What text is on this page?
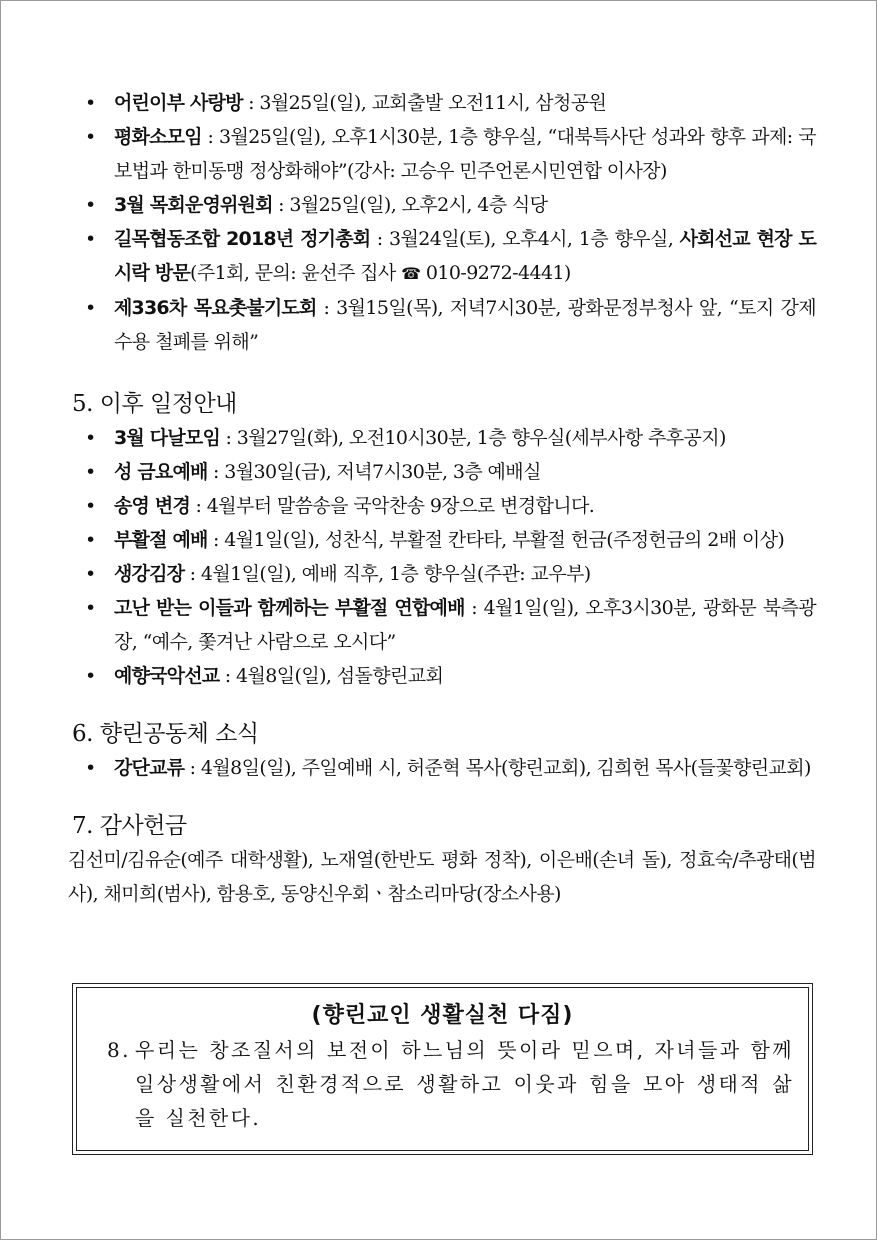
• 어린이부 사랑방 : 3월25일(일), 교회출발 오전11시, 삼청공원
• 평화소모임 : 3월25일(일), 오후1시30분, 1층 향우실, “대북특사단 성과와 향후 과제: 국보법과 한미동맹 정상화해야”(강사: 고승우 민주언론시민연합 이사장)
• 3월 목회운영위원회 : 3월25일(일), 오후2시, 4층 식당
• 길목협동조합 2018년 정기총회 : 3월24일(토), 오후4시, 1층 향우실, 사회선교 현장 도시락 방문(주1회, 문의: 윤선주 집사 ☎ 010-9272-4441)
• 제336차 목요촛불기도회 : 3월15일(목), 저녁7시30분, 광화문정부청사 앞, “토지 강제수용 철폐를 위해”
5. 이후 일정안내
• 3월 다날모임 : 3월27일(화), 오전10시30분, 1층 향우실(세부사항 추후공지)
• 성 금요예배 : 3월30일(금), 저녁7시30분, 3층 예배실
• 송영 변경 : 4월부터 말씀송을 국악찬송 9장으로 변경합니다.
• 부활절 예배 : 4월1일(일), 성찬식, 부활절 칸타타, 부활절 헌금(주정헌금의 2배 이상)
• 생강김장 : 4월1일(일), 예배 직후, 1층 향우실(주관: 교우부)
• 고난 받는 이들과 함께하는 부활절 연합예배 : 4월1일(일), 오후3시30분, 광화문 북측광장, “예수, 쫓겨난 사람으로 오시다”
• 예향국악선교 : 4월8일(일), 섬돌향린교회
6. 향린공동체 소식
• 강단교류 : 4월8일(일), 주일예배 시, 허준혁 목사(향린교회), 김희헌 목사(들꽃향린교회)
7. 감사헌금

김선미/김유순(예주 대학생활), 노재열(한반도 평화 정착), 이은배(손녀 돌), 정효숙/추광태(범사), 채미희(범사), 함용호, 동양신우회ㆍ참소리마당(장소사용)

(향린교인 생활실천 다짐)
8. 우리는 창조질서의 보전이 하느님의 뜻이라 믿으며, 자녀들과 함께 일상생활에서 친환경적으로 생활하고 이웃과 힘을 모아 생태적 삶을 실천한다.
